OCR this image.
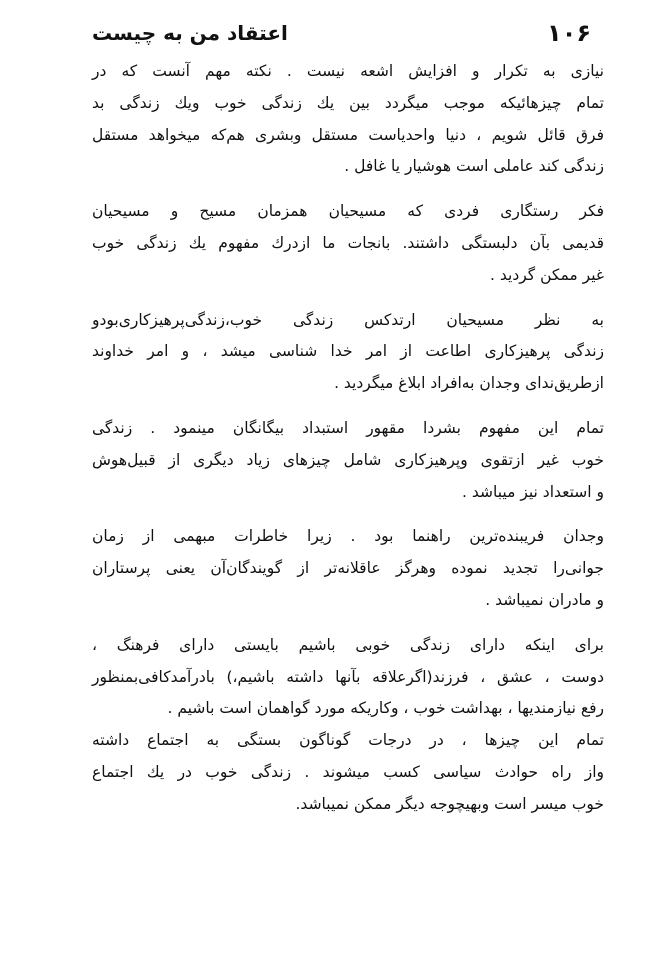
۱۰۶
اعتقاد من به چیست
نیازی به تکرار و افزایش اشعه نیست . نکته مهم آنست که در
تمام چیزهائیکه موجب میگردد بین یك زندگی خوب ویك زندگی بد
فرق قائل شویم ، دنیا واحدیاست مستقل وبشری هم‌که میخواهد مستقل
زندگی کند عاملی است هوشیار یا غافل .
فکر رستگاری فردی که مسیحیان همزمان مسیح و مسیحیان
قدیمی بآن دلبستگی داشتند. بانجات ما ازدرك مفهوم يك زندگی خوب
غیر ممکن گردید .
به نظر مسیحیان ارتدکس زندگی خوب،زندگی‌پرهیزکاری‌بودو
زندگی پرهیزکاری اطاعت از امر خدا شناسی میشد ، و امر خداوند
ازطریق‌ندای وجدان به‌افراد ابلاغ میگردید .
تمام این مفهوم بشردا مقهور استبداد بیگانگان مینمود . زندگی
خوب غیر ازتقوی وپرهیزکاری شامل چیزهای زیاد دیگری از قبیل‌هوش
و استعداد نیز میباشد .
وجدان فریبنده‌ترین راهنما بود . زیرا خاطرات مبهمی از زمان
جوانی‌را تجدید نموده وهرگز عاقلانه‌تر از گویندگان‌آن یعنی پرستاران
و مادران نمیباشد .
برای اینکه دارای زندگی خوبی باشیم بایستی دارای فرهنگ ،
دوست ، عشق ، فرزند(اگرعلاقه بآنها داشته باشیم،) بادرآمدکافی‌بمنظور
رفع نیازمندیها ، بهداشت خوب ، وکاریکه مورد گواهمان است باشیم .
تمام این چیزها ، در درجات گوناگون بستگی به اجتماع داشته
واز راه حوادث سیاسی کسب میشوند . زندگی خوب در يك اجتماع
خوب میسر است وبهیچوجه دیگر ممکن نمیباشد.
